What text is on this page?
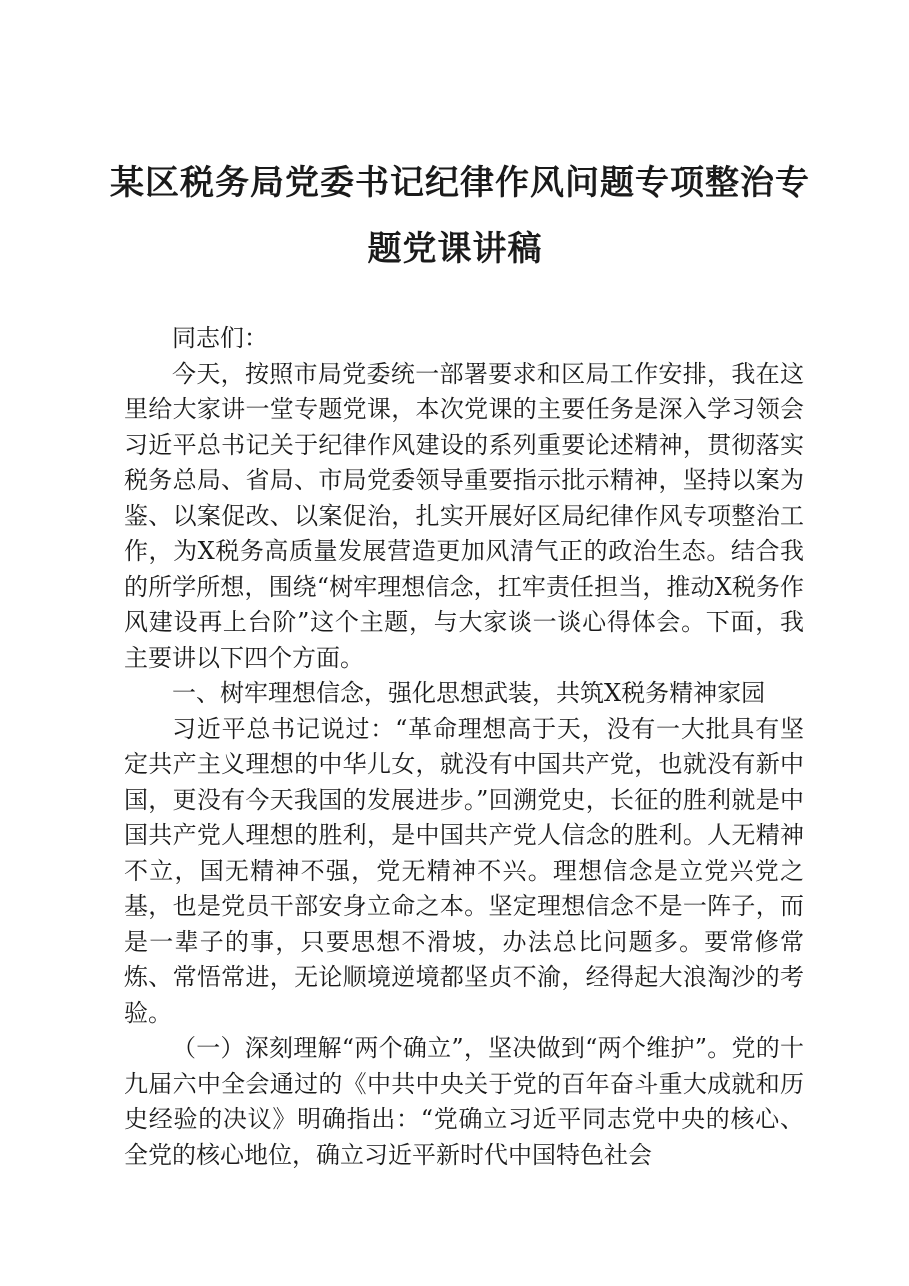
某区税务局党委书记纪律作风问题专项整治专
题党课讲稿

同志们：

今天，按照市局党委统一部署要求和区局工作安排，我在这里给大家讲一堂专题党课，本次党课的主要任务是深入学习领会习近平总书记关于纪律作风建设的系列重要论述精神，贯彻落实税务总局、省局、市局党委领导重要指示批示精神，坚持以案为鉴、以案促改、以案促治，扎实开展好区局纪律作风专项整治工作，为X税务高质量发展营造更加风清气正的政治生态。结合我的所学所想，围绕“树牢理想信念，扛牢责任担当，推动X税务作风建设再上台阶”这个主题，与大家谈一谈心得体会。下面，我主要讲以下四个方面。

一、树牢理想信念，强化思想武装，共筑X税务精神家园

习近平总书记说过：“革命理想高于天，没有一大批具有坚定共产主义理想的中华儿女，就没有中国共产党，也就没有新中国，更没有今天我国的发展进步。”回溯党史，长征的胜利就是中国共产党人理想的胜利，是中国共产党人信念的胜利。人无精神不立，国无精神不强，党无精神不兴。理想信念是立党兴党之基，也是党员干部安身立命之本。坚定理想信念不是一阵子，而是一辈子的事，只要思想不滑坡，办法总比问题多。要常修常炼、常悟常进，无论顺境逆境都坚贞不渝，经得起大浪淘沙的考验。

（一）深刻理解“两个确立”，坚决做到“两个维护”。党的十九届六中全会通过的《中共中央关于党的百年奋斗重大成就和历史经验的决议》明确指出：“党确立习近平同志党中央的核心、全党的核心地位，确立习近平新时代中国特色社会
